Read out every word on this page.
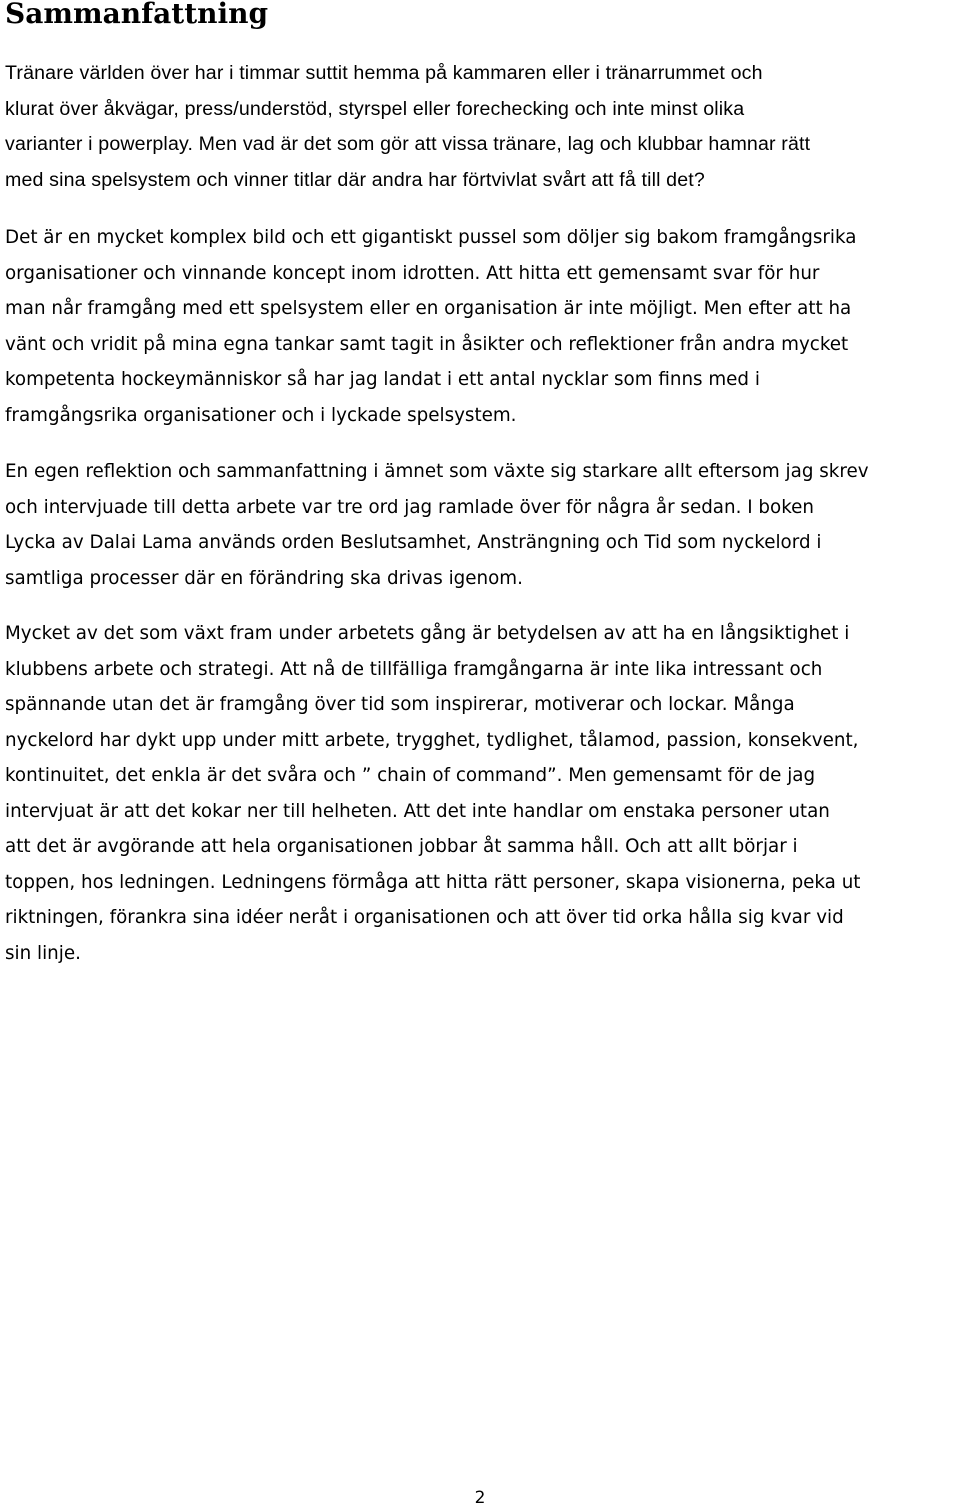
Sammanfattning

Tränare världen över har i timmar suttit hemma på kammaren eller i tränarrummet och
klurat över åkvägar, press/understöd, styrspel eller forechecking och inte minst olika
varianter i powerplay. Men vad är det som gör att vissa tränare, lag och klubbar hamnar rätt
med sina spelsystem och vinner titlar där andra har förtvivlat svårt att få till det?

Det är en mycket komplex bild och ett gigantiskt pussel som döljer sig bakom framgångsrika
organisationer och vinnande koncept inom idrotten. Att hitta ett gemensamt svar för hur
man når framgång med ett spelsystem eller en organisation är inte möjligt. Men efter att ha
vänt och vridit på mina egna tankar samt tagit in åsikter och reflektioner från andra mycket
kompetenta hockeymänniskor så har jag landat i ett antal nycklar som finns med i
framgångsrika organisationer och i lyckade spelsystem.

En egen reflektion och sammanfattning i ämnet som växte sig starkare allt eftersom jag skrev
och intervjuade till detta arbete var tre ord jag ramlade över för några år sedan. I boken
Lycka av Dalai Lama används orden Beslutsamhet, Ansträngning och Tid som nyckelord i
samtliga processer där en förändring ska drivas igenom.

Mycket av det som växt fram under arbetets gång är betydelsen av att ha en långsiktighet i
klubbens arbete och strategi. Att nå de tillfälliga framgångarna är inte lika intressant och
spännande utan det är framgång över tid som inspirerar, motiverar och lockar. Många
nyckelord har dykt upp under mitt arbete, trygghet, tydlighet, tålamod, passion, konsekvent,
kontinuitet, det enkla är det svåra och ” chain of command”. Men gemensamt för de jag
intervjuat är att det kokar ner till helheten. Att det inte handlar om enstaka personer utan
att det är avgörande att hela organisationen jobbar åt samma håll. Och att allt börjar i
toppen, hos ledningen. Ledningens förmåga att hitta rätt personer, skapa visionerna, peka ut
riktningen, förankra sina idéer neråt i organisationen och att över tid orka hålla sig kvar vid
sin linje.

2
